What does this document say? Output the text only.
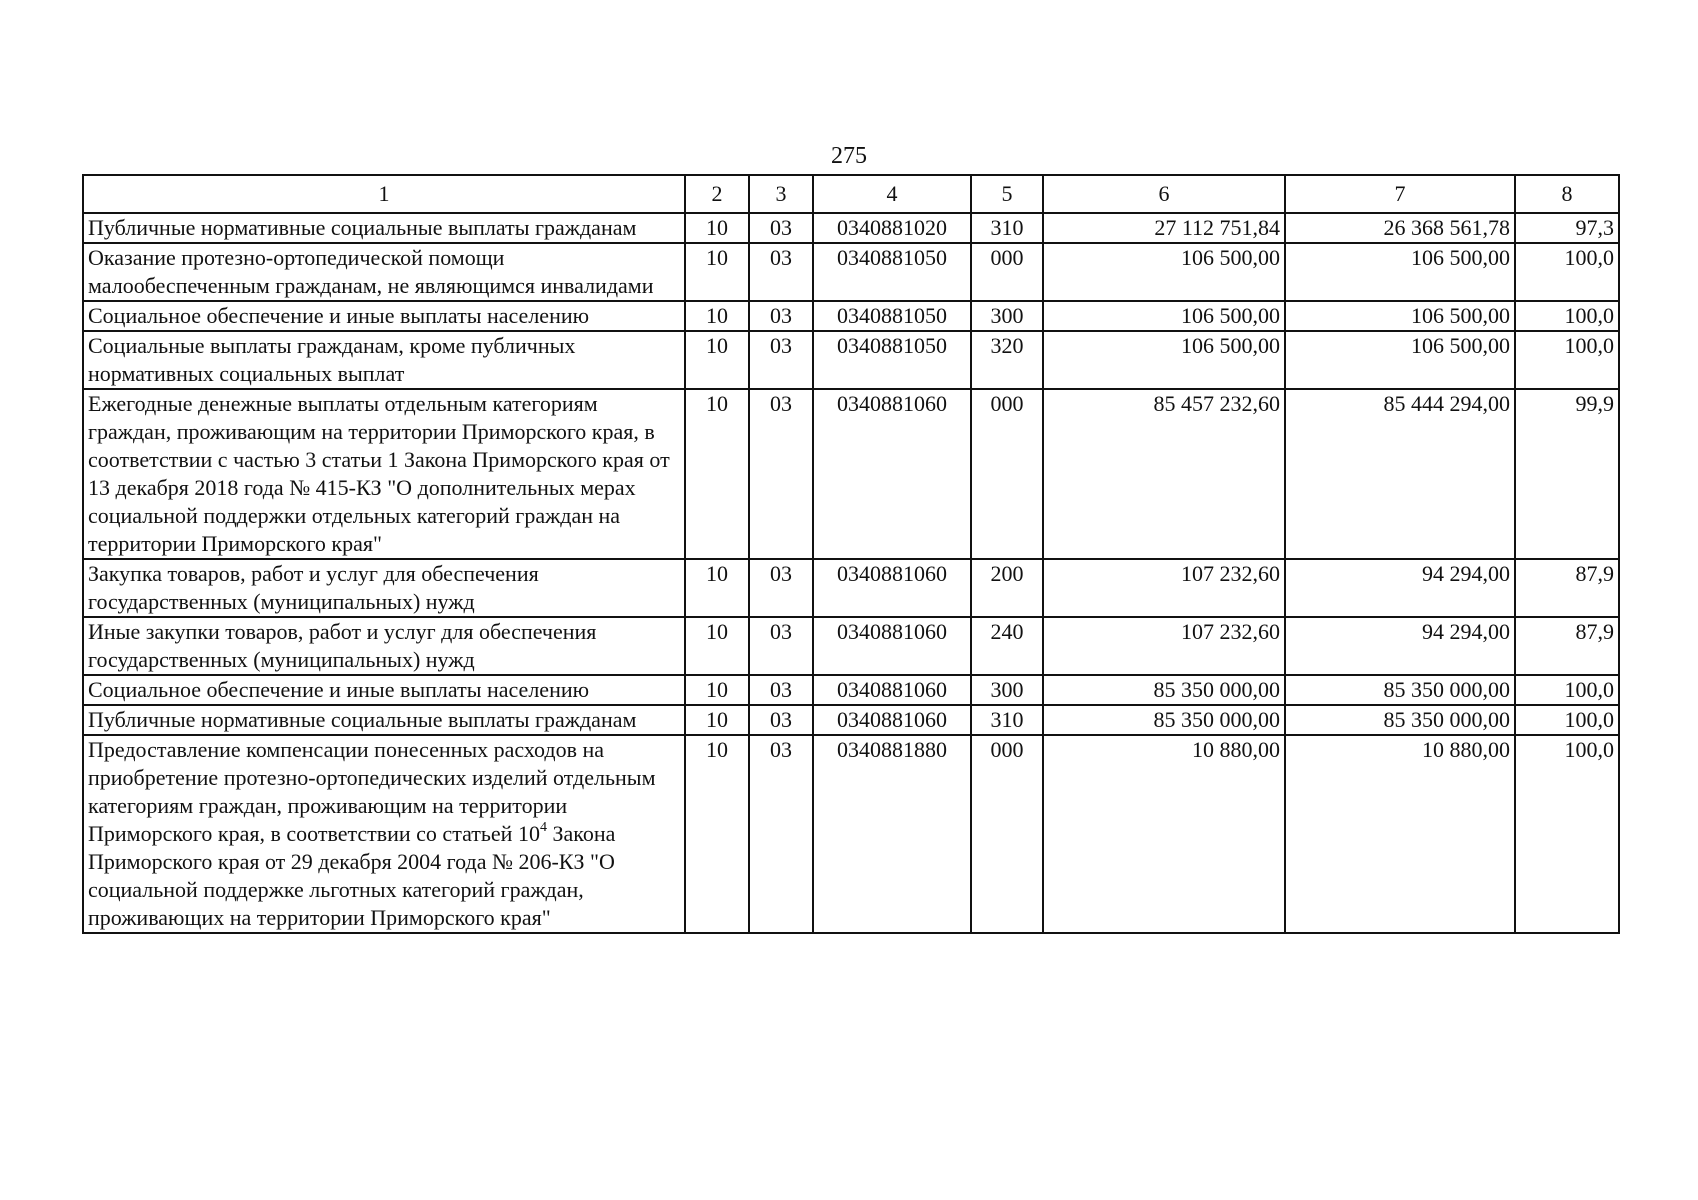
275
1	2	3	4	5	6	7	8
Публичные нормативные социальные выплаты гражданам	10	03	0340881020	310	27 112 751,84	26 368 561,78	97,3
Оказание протезно-ортопедической помощи малообеспеченным гражданам, не являющимся инвалидами	10	03	0340881050	000	106 500,00	106 500,00	100,0
Социальное обеспечение и иные выплаты населению	10	03	0340881050	300	106 500,00	106 500,00	100,0
Социальные выплаты гражданам, кроме публичных нормативных социальных выплат	10	03	0340881050	320	106 500,00	106 500,00	100,0
Ежегодные денежные выплаты отдельным категориям граждан, проживающим на территории Приморского края, в соответствии с частью 3 статьи 1 Закона Приморского края от 13 декабря 2018 года № 415-КЗ "О дополнительных мерах социальной поддержки отдельных категорий граждан на территории Приморского края"	10	03	0340881060	000	85 457 232,60	85 444 294,00	99,9
Закупка товаров, работ и услуг для обеспечения государственных (муниципальных) нужд	10	03	0340881060	200	107 232,60	94 294,00	87,9
Иные закупки товаров, работ и услуг для обеспечения государственных (муниципальных) нужд	10	03	0340881060	240	107 232,60	94 294,00	87,9
Социальное обеспечение и иные выплаты населению	10	03	0340881060	300	85 350 000,00	85 350 000,00	100,0
Публичные нормативные социальные выплаты гражданам	10	03	0340881060	310	85 350 000,00	85 350 000,00	100,0
Предоставление компенсации понесенных расходов на приобретение протезно-ортопедических изделий отдельным категориям граждан, проживающим на территории Приморского края, в соответствии со статьей $10^4$ Закона Приморского края от 29 декабря 2004 года № 206-КЗ "О социальной поддержке льготных категорий граждан, проживающих на территории Приморского края"	10	03	0340881880	000	10 880,00	10 880,00	100,0
